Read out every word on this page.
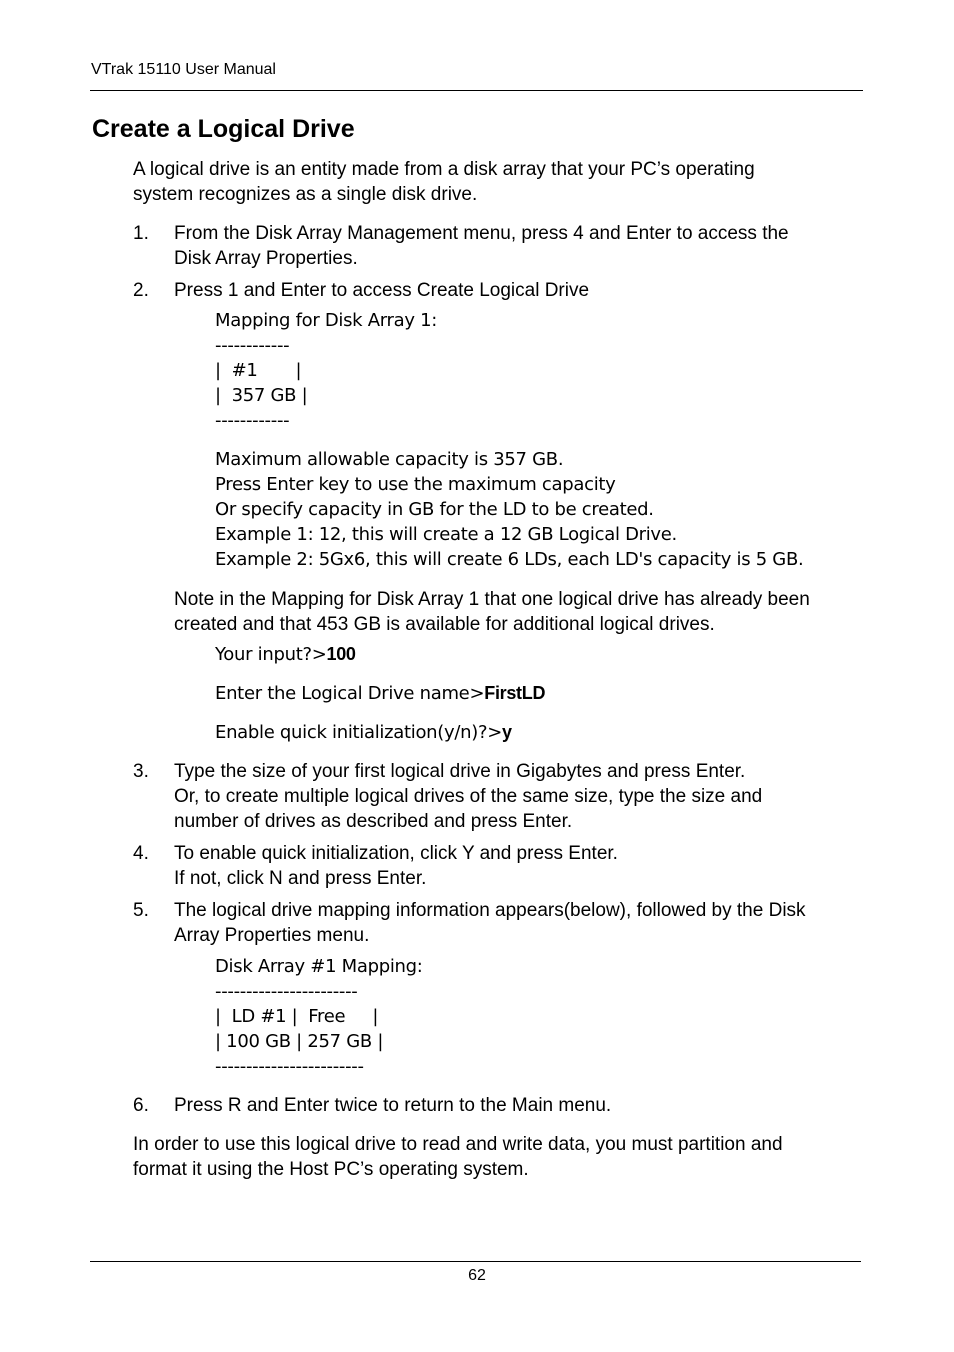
VTrak 15110 User Manual
Create a Logical Drive
A logical drive is an entity made from a disk array that your PC’s operating
system recognizes as a single disk drive.
1. From the Disk Array Management menu, press 4 and Enter to access the
Disk Array Properties.
2. Press 1 and Enter to access Create Logical Drive
Mapping for Disk Array 1:
------------
|  #1       |
|  357 GB |
------------
Maximum allowable capacity is 357 GB.
Press Enter key to use the maximum capacity
Or specify capacity in GB for the LD to be created.
Example 1: 12, this will create a 12 GB Logical Drive.
Example 2: 5Gx6, this will create 6 LDs, each LD's capacity is 5 GB.
Note in the Mapping for Disk Array 1 that one logical drive has already been
created and that 453 GB is available for additional logical drives.
Your input?>100
Enter the Logical Drive name>FirstLD
Enable quick initialization(y/n)?>y
3. Type the size of your first logical drive in Gigabytes and press Enter.
Or, to create multiple logical drives of the same size, type the size and
number of drives as described and press Enter.
4. To enable quick initialization, click Y and press Enter.
If not, click N and press Enter.
5. The logical drive mapping information appears(below), followed by the Disk
Array Properties menu.
Disk Array #1 Mapping:
-----------------------
|  LD #1 |  Free     |
| 100 GB | 257 GB |
------------------------
6. Press R and Enter twice to return to the Main menu.
In order to use this logical drive to read and write data, you must partition and
format it using the Host PC’s operating system.
62
